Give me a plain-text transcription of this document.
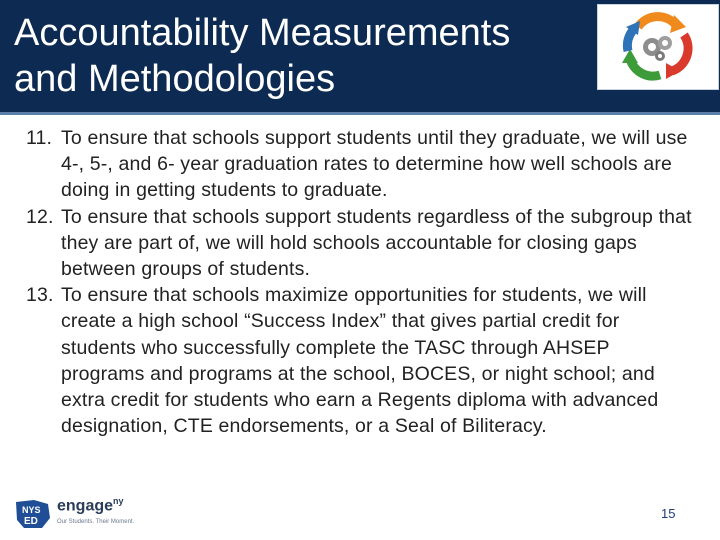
Accountability Measurements
and Methodologies
11. To ensure that schools support students until they graduate, we will use 4-, 5-, and 6- year graduation rates to determine how well schools are doing in getting students to graduate.
12. To ensure that schools support students regardless of the subgroup that they are part of, we will hold schools accountable for closing gaps between groups of students.
13. To ensure that schools maximize opportunities for students, we will create a high school “Success Index” that gives partial credit for students who successfully complete the TASC through AHSEP programs and programs at the school, BOCES, or night school; and extra credit for students who earn a Regents diploma with advanced designation, CTE endorsements, or a Seal of Biliteracy.
NYS
ED
engage$^{ny}$
Our Students. Their Moment.
15
